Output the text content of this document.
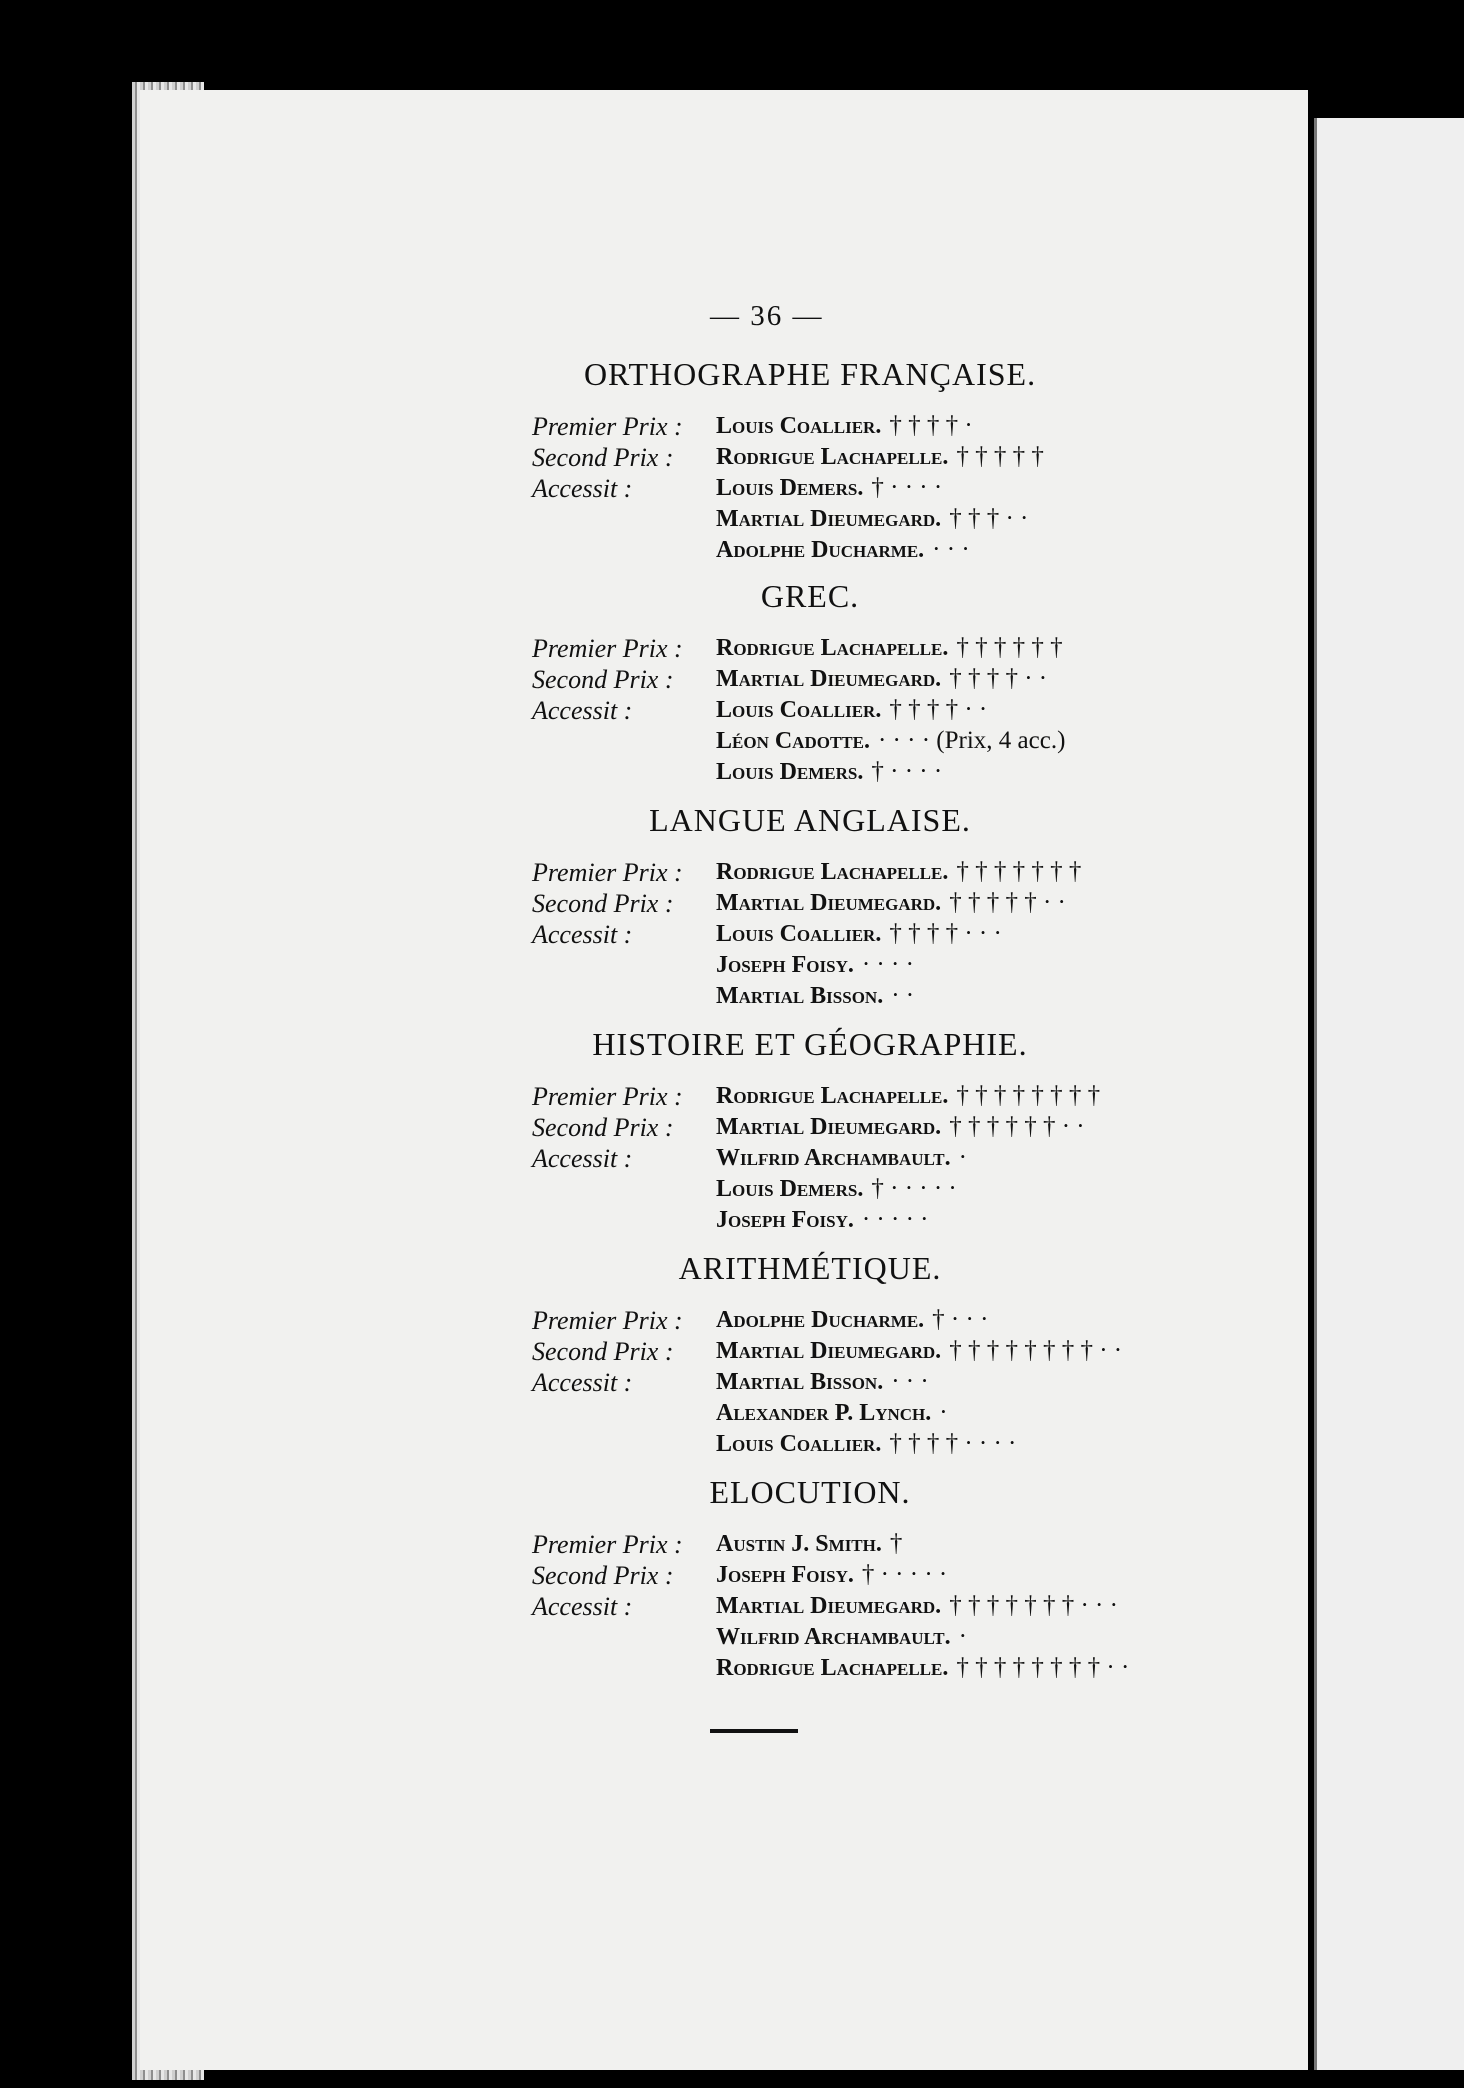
— 36 —
ORTHOGRAPHE FRANÇAISE.
Premier Prix :	Louis Coallier. † † † † ·
Second Prix :	Rodrigue Lachapelle. † † † † †
Accessit :	Louis Demers. † · · · ·
Martial Dieumegard. † † † · ·
Adolphe Ducharme. · · ·
GREC.
Premier Prix :	Rodrigue Lachapelle. † † † † † †
Second Prix :	Martial Dieumegard. † † † † · ·
Accessit :	Louis Coallier. † † † † · ·
Léon Cadotte. · · · · (Prix, 4 acc.)
Louis Demers. † · · · ·
LANGUE ANGLAISE.
Premier Prix :	Rodrigue Lachapelle. † † † † † † †
Second Prix :	Martial Dieumegard. † † † † † · ·
Accessit :	Louis Coallier. † † † † · · ·
Joseph Foisy. · · · ·
Martial Bisson. · ·
HISTOIRE ET GÉOGRAPHIE.
Premier Prix :	Rodrigue Lachapelle. † † † † † † † †
Second Prix :	Martial Dieumegard. † † † † † † · ·
Accessit :	Wilfrid Archambault. ·
Louis Demers. † · · · · ·
Joseph Foisy. · · · · ·
ARITHMÉTIQUE.
Premier Prix :	Adolphe Ducharme. † · · ·
Second Prix :	Martial Dieumegard. † † † † † † † † · ·
Accessit :	Martial Bisson. · · ·
Alexander P. Lynch. ·
Louis Coallier. † † † † · · · ·
ELOCUTION.
Premier Prix :	Austin J. Smith. †
Second Prix :	Joseph Foisy. † · · · · ·
Accessit :	Martial Dieumegard. † † † † † † † · · ·
Wilfrid Archambault. ·
Rodrigue Lachapelle. † † † † † † † † · ·
